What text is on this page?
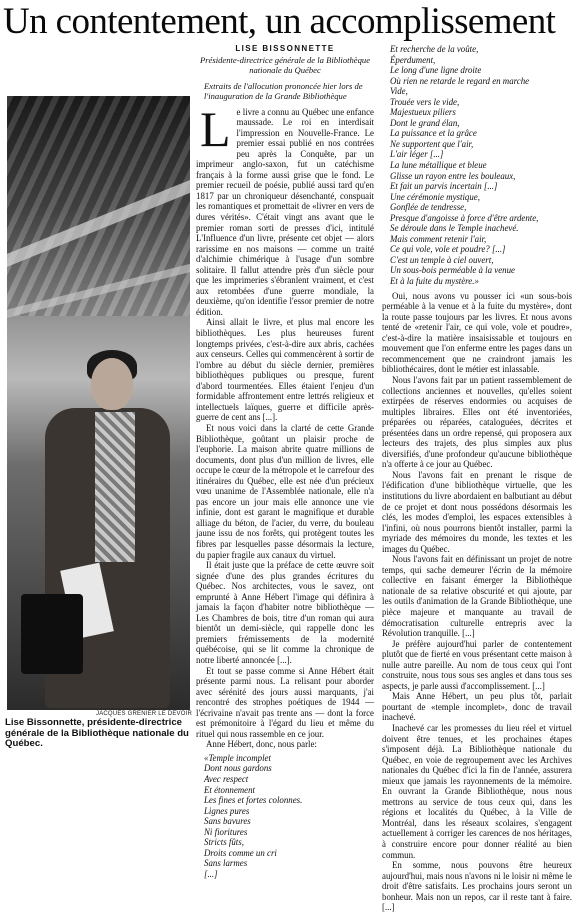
Un contentement, un accomplissement
JACQUES GRENIER LE DEVOIR
Lise Bissonnette, présidente-directrice générale de la Bibliothèque nationale du Québec.
LISE BISSONNETTE
Présidente-directrice générale de la Bibliothèque nationale du Québec
Extraits de l'allocution prononcée hier lors de l'inauguration de la Grande Bibliothèque
L e livre a connu au Québec une enfance maussade. Le roi en interdisait l'impression en Nouvelle-France. Le premier essai publié en nos contrées peu après la Conquête, par un imprimeur anglo-saxon, fut un catéchisme français à la forme aussi grise que le fond. Le premier recueil de poésie, publié aussi tard qu'en 1817 par un chroniqueur désenchanté, conspuait les romantiques et promettait de «livrer en vers de dures vérités». C'était vingt ans avant que le premier roman sorti de presses d'ici, intitulé L'Influence d'un livre, présente cet objet — alors rarissime en nos maisons — comme un traité d'alchimie chimérique à l'usage d'un sombre solitaire. Il fallut attendre près d'un siècle pour que les imprimeries s'ébranlent vraiment, et c'est aux retombées d'une guerre mondiale, la deuxième, qu'on identifie l'essor premier de notre édition.

Ainsi allait le livre, et plus mal encore les bibliothèques. Les plus heureuses furent longtemps privées, c'est-à-dire aux abris, cachées aux censeurs. Celles qui commencèrent à sortir de l'ombre au début du siècle dernier, premières bibliothèques publiques ou presque, furent d'abord tourmentées. Elles étaient l'enjeu d'un formidable affrontement entre lettrés religieux et intellectuels laïques, guerre et difficile après-guerre de cent ans [...].

Et nous voici dans la clarté de cette Grande Bibliothèque, goûtant un plaisir proche de l'euphorie. La maison abrite quatre millions de documents, dont plus d'un million de livres, elle occupe le cœur de la métropole et le carrefour des itinéraires du Québec, elle est née d'un précieux vœu unanime de l'Assemblée nationale, elle n'a pas encore un jour mais elle annonce une vie infinie, dont est garant le magnifique et durable alliage du béton, de l'acier, du verre, du bouleau jaune issu de nos forêts, qui protègent toutes les fibres par lesquelles passe désormais la lecture, du papier fragile aux canaux du virtuel.

Il était juste que la préface de cette œuvre soit signée d'une des plus grandes écritures du Québec. Nos architectes, vous le savez, ont emprunté à Anne Hébert l'image qui définira à jamais la façon d'habiter notre bibliothèque — Les Chambres de bois, titre d'un roman qui aura bientôt un demi-siècle, qui rappelle donc les premiers frémissements de la modernité québécoise, qui se lit comme la chronique de notre liberté annoncée [...].

Et tout se passe comme si Anne Hébert était présente parmi nous. La relisant pour aborder avec sérénité des jours aussi marquants, j'ai rencontré des strophes poétiques de 1944 — l'écrivaine n'avait pas trente ans — dont la force est prémonitoire à l'égard du lieu et même du rituel qui nous rassemble en ce jour.

Anne Hébert, donc, nous parle:

«Temple incomplet
Dont nous gardons
Avec respect
Et étonnement
Les fines et fortes colonnes.
Lignes pures
Sans bavures
Ni fioritures
Stricts fûts,
Droits comme un cri
Sans larmes
[...]
Et recherche de la voûte,
Éperdument,
Le long d'une ligne droite
Où rien ne retarde le regard en marche
Vide,
Trouée vers le vide,
Majestueux piliers
Dont le grand élan,
La puissance et la grâce
Ne supportent que l'air,
L'air léger [...]
La lune métallique et bleue
Glisse un rayon entre les bouleaux,
Et fait un parvis incertain [...]
Une cérémonie mystique,
Gonflée de tendresse,
Presque d'angoisse à force d'être ardente,
Se déroule dans le Temple inachevé.
Mais comment retenir l'air,
Ce qui vole, vole et poudre? [...]
C'est un temple à ciel ouvert,
Un sous-bois perméable à la venue
Et à la fuite du mystère.»

Oui, nous avons vu pousser ici «un sous-bois perméable à la venue et à la fuite du mystère», dont la route passe toujours par les livres. Et nous avons tenté de «retenir l'air, ce qui vole, vole et poudre», c'est-à-dire la matière insaisissable et toujours en mouvement que l'on enferme entre les pages dans un recommencement que ne craindront jamais les bibliothécaires, dont le métier est inlassable.

Nous l'avons fait par un patient rassemblement de collections anciennes et nouvelles, qu'elles soient extirpées de réserves endormies ou acquises de multiples libraires. Elles ont été inventoriées, préparées ou réparées, cataloguées, décrites et présentées dans un ordre repensé, qui proposera aux lecteurs des trajets, des plus simples aux plus diversifiés, d'une profondeur qu'aucune bibliothèque n'a offerte à ce jour au Québec.

Nous l'avons fait en prenant le risque de l'édification d'une bibliothèque virtuelle, que les institutions du livre abordaient en balbutiant au début de ce projet et dont nous possédons désormais les clés, les modes d'emploi, les espaces extensibles à l'infini, où nous pourrons bientôt installer, parmi la myriade des mémoires du monde, les textes et les images du Québec.

Nous l'avons fait en définissant un projet de notre temps, qui sache demeurer l'écrin de la mémoire collective en faisant émerger la Bibliothèque nationale de sa relative obscurité et qui ajoute, par les outils d'animation de la Grande Bibliothèque, une pièce majeure et manquante au travail de démocratisation culturelle entrepris avec la Révolution tranquille. [...]

Je préfère aujourd'hui parler de contentement plutôt que de fierté en vous présentant cette maison à nulle autre pareille. Au nom de tous ceux qui l'ont construite, nous tous sous ses angles et dans tous ses aspects, je parle aussi d'accomplissement. [...]

Mais Anne Hébert, un peu plus tôt, parlait pourtant de «temple incomplet», donc de travail inachevé.

Inachevé car les promesses du lieu réel et virtuel doivent être tenues, et les prochaines étapes s'imposent déjà. La Bibliothèque nationale du Québec, en voie de regroupement avec les Archives nationales du Québec d'ici la fin de l'année, assurera mieux que jamais les rayonnements de la mémoire. En ouvrant la Grande Bibliothèque, nous nous mettrons au service de tous ceux qui, dans les régions et localités du Québec, à la Ville de Montréal, dans les réseaux scolaires, s'engagent actuellement à corriger les carences de nos héritages, à construire encore pour donner réalité au bien commun.

En somme, nous pouvons être heureux aujourd'hui, mais nous n'avons ni le loisir ni même le droit d'être satisfaits. Les prochains jours seront un bonheur. Mais non un repos, car il reste tant à faire. [...]
